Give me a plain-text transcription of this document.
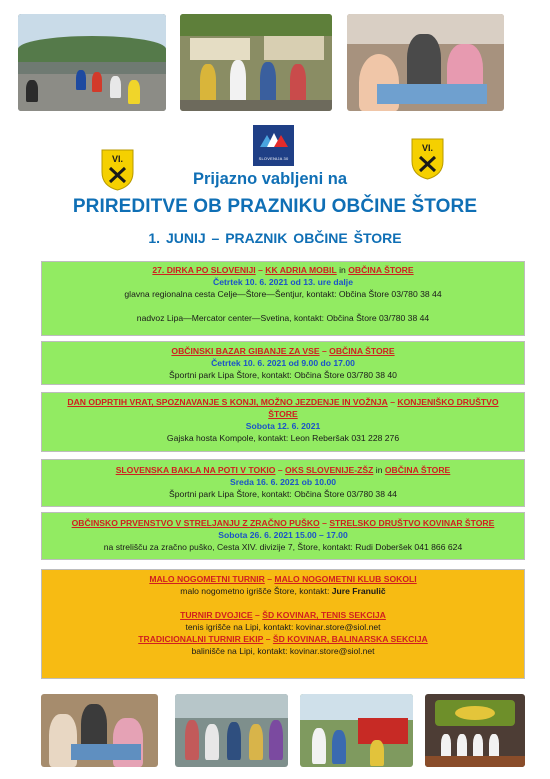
SLOVENIJA 30
VI.
VI.
Prijazno vabljeni na
PRIREDITVE OB PRAZNIKU OBČINE ŠTORE
1. JUNIJ – PRAZNIK OBČINE ŠTORE
27. DIRKA PO SLOVENIJI – KK ADRIA MOBIL in OBČINA ŠTORE
Četrtek 10. 6. 2021 od 13. ure dalje
glavna regionalna cesta Celje—Štore—Šentjur, kontakt: Občina Štore 03/780 38 44
nadvoz Lipa—Mercator center—Svetina, kontakt: Občina Štore 03/780 38 44
OBČINSKI BAZAR GIBANJE ZA VSE – OBČINA ŠTORE
Četrtek 10. 6. 2021 od 9.00 do 17.00
Športni park Lipa Štore, kontakt: Občina Štore 03/780 38 40
DAN ODPRTIH VRAT, SPOZNAVANJE S KONJI, MOŽNO JEZDENJE IN VOŽNJA – KONJENIŠKO DRUŠTVO ŠTORE
Sobota 12. 6. 2021
Gajska hosta Kompole, kontakt: Leon Reberšak 031 228 276
SLOVENSKA BAKLA NA POTI V TOKIO – OKS SLOVENIJE-ZŠZ in OBČINA ŠTORE
Sreda 16. 6. 2021 ob 10.00
Športni park Lipa Štore, kontakt: Občina Štore 03/780 38 44
OBČINSKO PRVENSTVO V STRELJANJU Z ZRAČNO PUŠKO – STRELSKO DRUŠTVO KOVINAR ŠTORE
Sobota 26. 6. 2021 15.00 – 17.00
na strelišču za zračno puško, Cesta XIV. divizije 7, Štore, kontakt: Rudi Doberšek 041 866 624
MALO NOGOMETNI TURNIR – MALO NOGOMETNI KLUB SOKOLI
malo nogometno igrišče Štore, kontakt: Jure Franulič
TURNIR DVOJICE – ŠD KOVINAR, TENIS SEKCIJA
tenis igrišče na Lipi, kontakt: kovinar.store@siol.net
TRADICIONALNI TURNIR EKIP – ŠD KOVINAR, BALINARSKA SEKCIJA
balinišče na Lipi, kontakt: kovinar.store@siol.net
